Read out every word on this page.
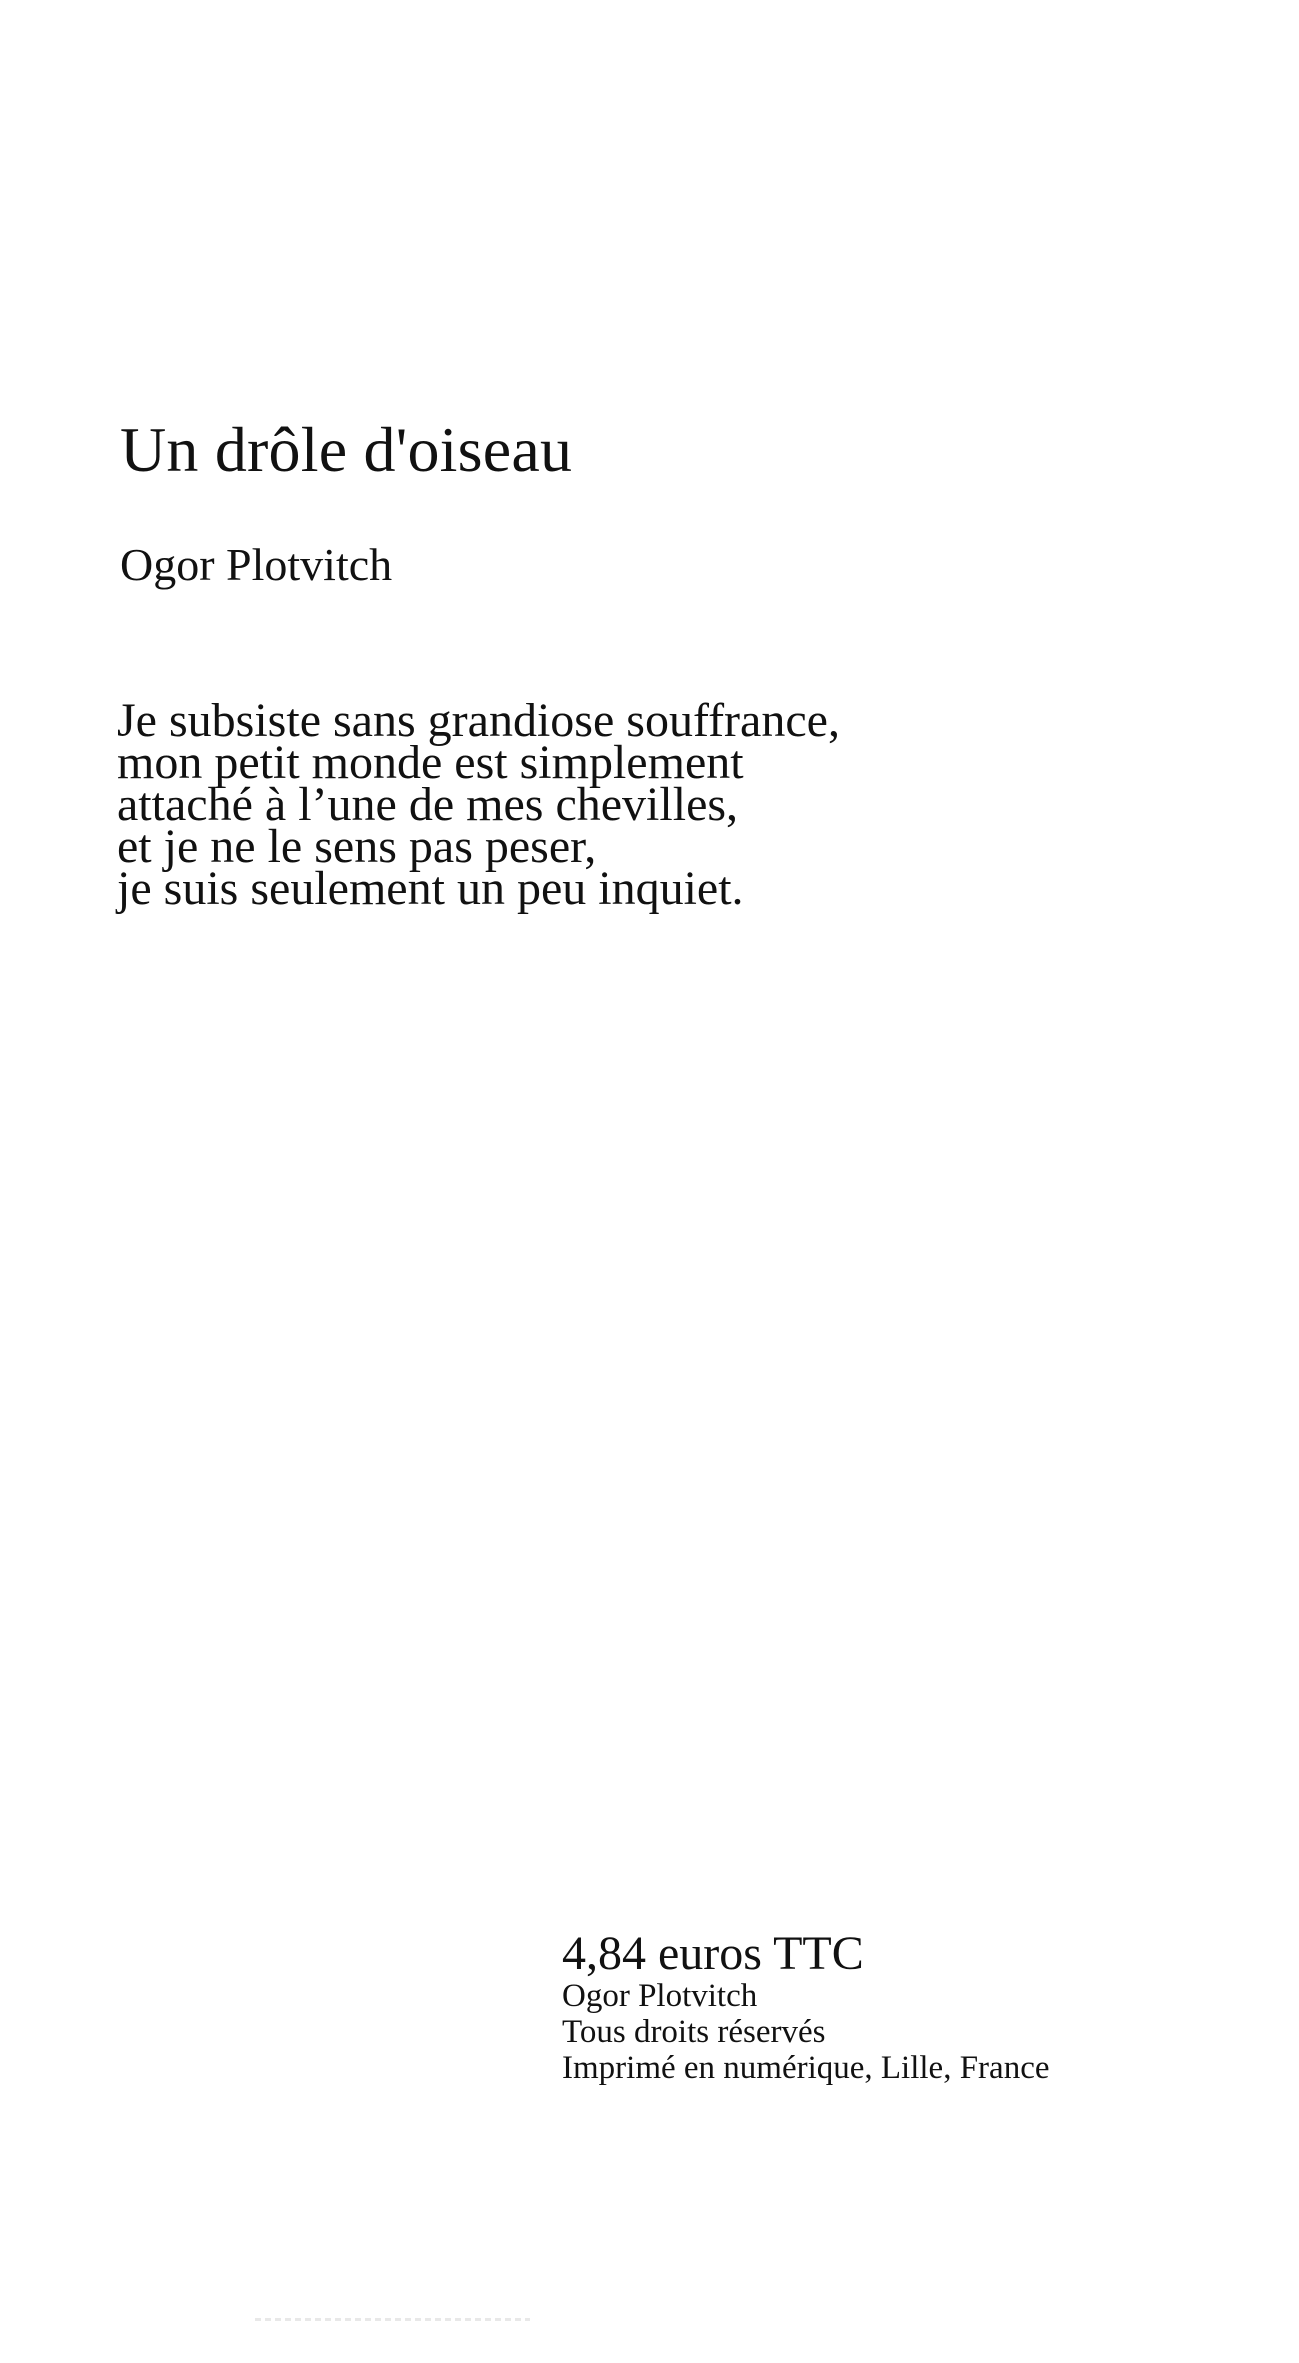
Un drôle d'oiseau
Ogor Plotvitch
Je subsiste sans grandiose souffrance,
mon petit monde est simplement
attaché à l’une de mes chevilles,
et je ne le sens pas peser,
je suis seulement un peu inquiet.
4,84 euros TTC
Ogor Plotvitch
Tous droits réservés
Imprimé en numérique, Lille, France
